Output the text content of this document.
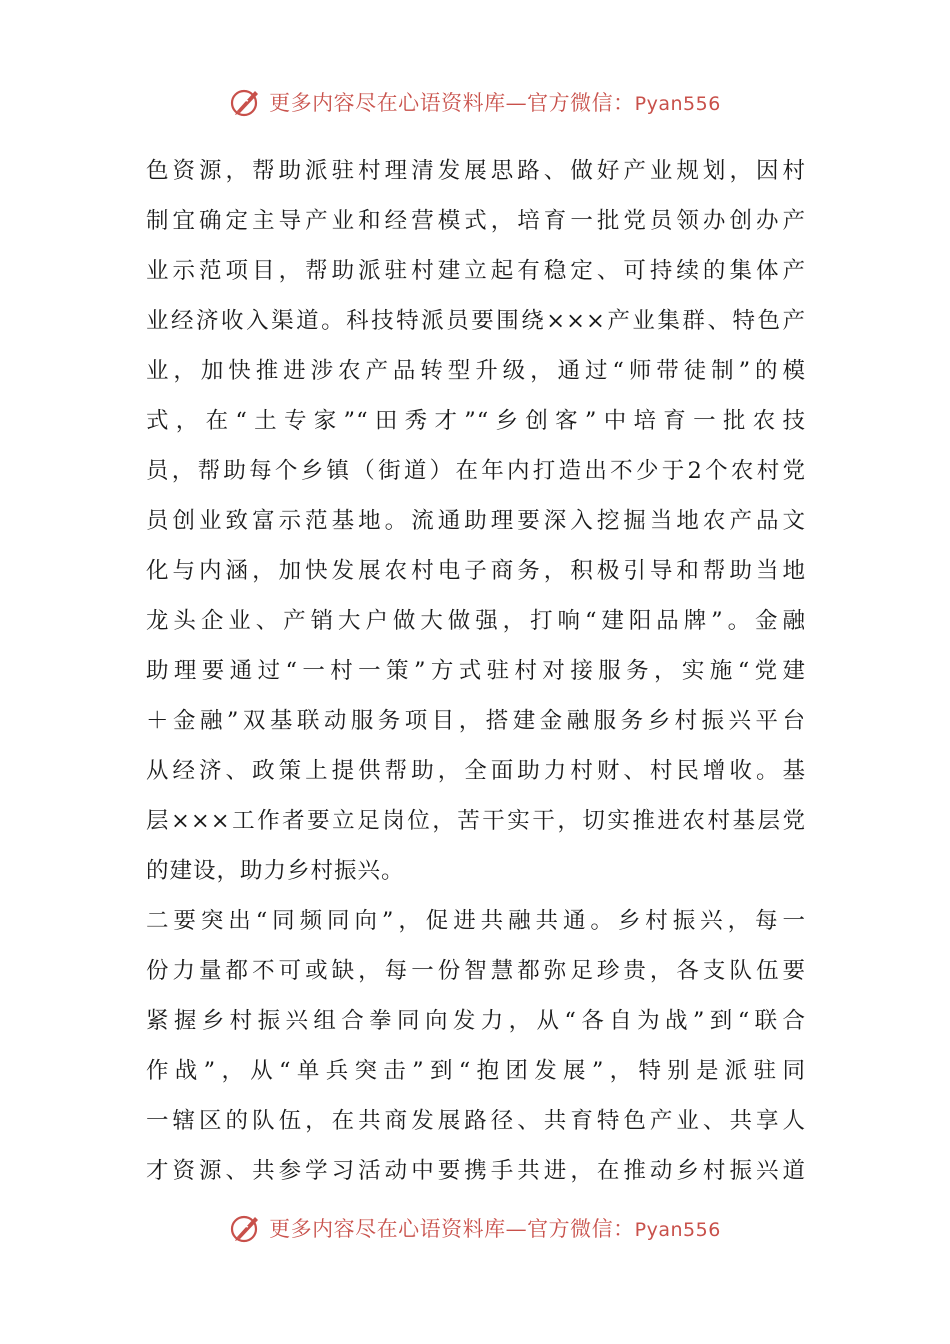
更多内容尽在心语资料库—官方微信：Pyan556
色资源，帮助派驻村理清发展思路、做好产业规划，因村
制宜确定主导产业和经营模式，培育一批党员领办创办产
业示范项目，帮助派驻村建立起有稳定、可持续的集体产
业经济收入渠道。科技特派员要围绕×××产业集群、特色产
业，加快推进涉农产品转型升级，通过“师带徒制”的模
式，在“土专家”“田秀才”“乡创客”中培育一批农技
员，帮助每个乡镇（街道）在年内打造出不少于2个农村党
员创业致富示范基地。流通助理要深入挖掘当地农产品文
化与内涵，加快发展农村电子商务，积极引导和帮助当地
龙头企业、产销大户做大做强，打响“建阳品牌”。金融
助理要通过“一村一策”方式驻村对接服务，实施“党建
＋金融”双基联动服务项目，搭建金融服务乡村振兴平台
从经济、政策上提供帮助，全面助力村财、村民增收。基
层×××工作者要立足岗位，苦干实干，切实推进农村基层党
的建设，助力乡村振兴。
二要突出“同频同向”，促进共融共通。乡村振兴，每一
份力量都不可或缺，每一份智慧都弥足珍贵，各支队伍要
紧握乡村振兴组合拳同向发力，从“各自为战”到“联合
作战”，从“单兵突击”到“抱团发展”，特别是派驻同
一辖区的队伍，在共商发展路径、共育特色产业、共享人
才资源、共参学习活动中要携手共进，在推动乡村振兴道
更多内容尽在心语资料库—官方微信：Pyan556
